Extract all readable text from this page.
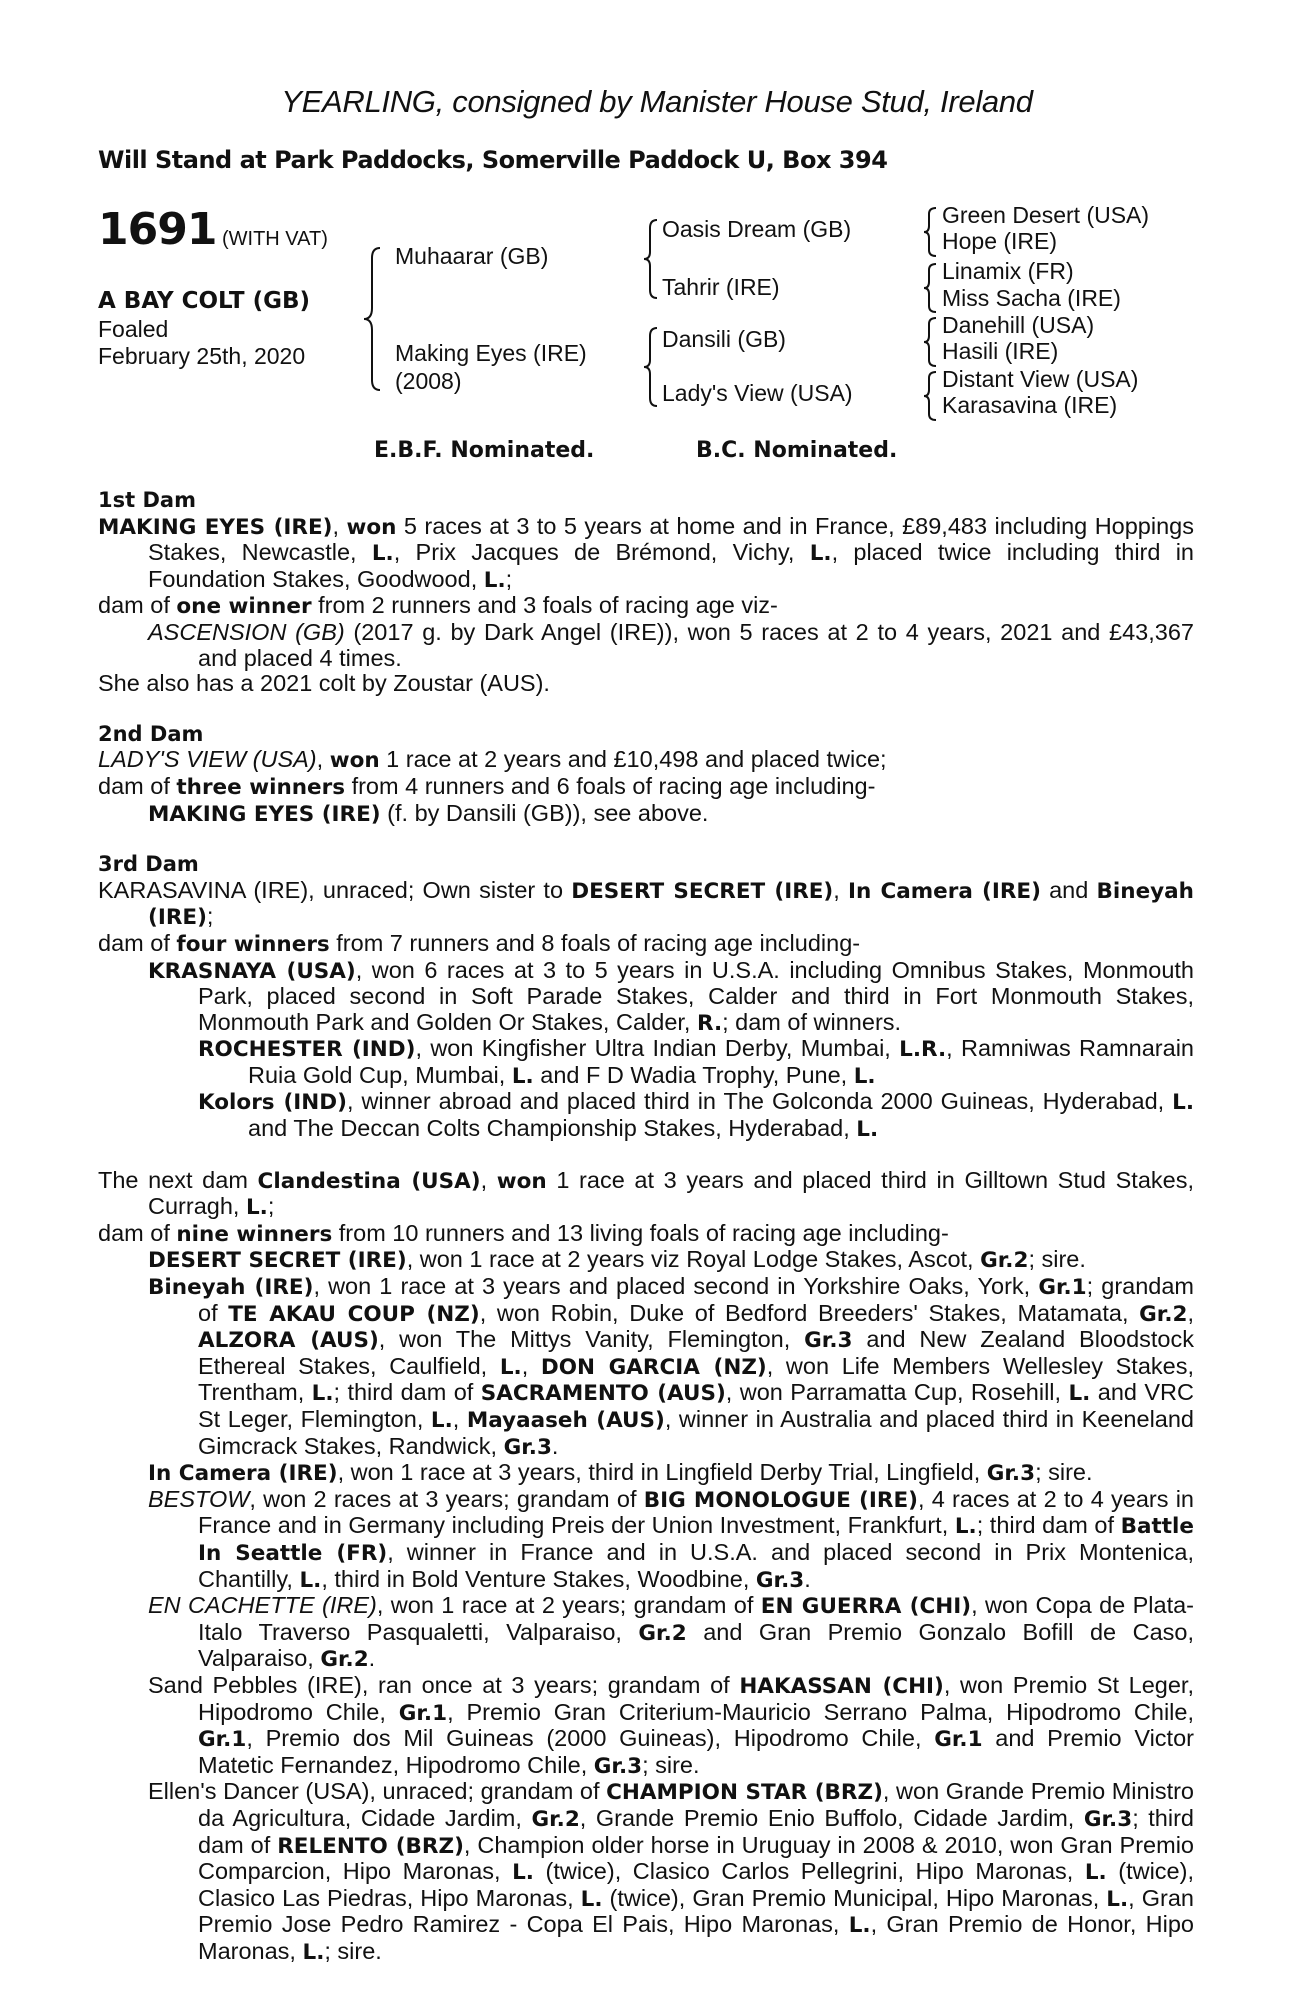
YEARLING, consigned by Manister House Stud, Ireland
Will Stand at Park Paddocks, Somerville Paddock U, Box 394
1691 (WITH VAT)
A BAY COLT (GB)
Foaled
February 25th, 2020
Muhaarar (GB)
Making Eyes (IRE)
(2008)
Oasis Dream (GB)
Tahrir (IRE)
Dansili (GB)
Lady's View (USA)
Green Desert (USA)
Hope (IRE)
Linamix (FR)
Miss Sacha (IRE)
Danehill (USA)
Hasili (IRE)
Distant View (USA)
Karasavina (IRE)
E.B.F. Nominated.	B.C. Nominated.
1st Dam
MAKING EYES (IRE), won 5 races at 3 to 5 years at home and in France, £89,483 including Hoppings Stakes, Newcastle, L., Prix Jacques de Brémond, Vichy, L., placed twice including third in Foundation Stakes, Goodwood, L.;
dam of one winner from 2 runners and 3 foals of racing age viz-
ASCENSION (GB) (2017 g. by Dark Angel (IRE)), won 5 races at 2 to 4 years, 2021 and £43,367 and placed 4 times.
She also has a 2021 colt by Zoustar (AUS).
2nd Dam
LADY'S VIEW (USA), won 1 race at 2 years and £10,498 and placed twice;
dam of three winners from 4 runners and 6 foals of racing age including-
MAKING EYES (IRE) (f. by Dansili (GB)), see above.
3rd Dam
KARASAVINA (IRE), unraced; Own sister to DESERT SECRET (IRE), In Camera (IRE) and Bineyah (IRE);
dam of four winners from 7 runners and 8 foals of racing age including-
KRASNAYA (USA), won 6 races at 3 to 5 years in U.S.A. including Omnibus Stakes, Monmouth Park, placed second in Soft Parade Stakes, Calder and third in Fort Monmouth Stakes, Monmouth Park and Golden Or Stakes, Calder, R.; dam of winners.
ROCHESTER (IND), won Kingfisher Ultra Indian Derby, Mumbai, L.R., Ramniwas Ramnarain Ruia Gold Cup, Mumbai, L. and F D Wadia Trophy, Pune, L.
Kolors (IND), winner abroad and placed third in The Golconda 2000 Guineas, Hyderabad, L. and The Deccan Colts Championship Stakes, Hyderabad, L.
The next dam Clandestina (USA), won 1 race at 3 years and placed third in Gilltown Stud Stakes, Curragh, L.;
dam of nine winners from 10 runners and 13 living foals of racing age including-
DESERT SECRET (IRE), won 1 race at 2 years viz Royal Lodge Stakes, Ascot, Gr.2; sire.
Bineyah (IRE), won 1 race at 3 years and placed second in Yorkshire Oaks, York, Gr.1; grandam of TE AKAU COUP (NZ), won Robin, Duke of Bedford Breeders' Stakes, Matamata, Gr.2, ALZORA (AUS), won The Mittys Vanity, Flemington, Gr.3 and New Zealand Bloodstock Ethereal Stakes, Caulfield, L., DON GARCIA (NZ), won Life Members Wellesley Stakes, Trentham, L.; third dam of SACRAMENTO (AUS), won Parramatta Cup, Rosehill, L. and VRC St Leger, Flemington, L., Mayaaseh (AUS), winner in Australia and placed third in Keeneland Gimcrack Stakes, Randwick, Gr.3.
In Camera (IRE), won 1 race at 3 years, third in Lingfield Derby Trial, Lingfield, Gr.3; sire.
BESTOW, won 2 races at 3 years; grandam of BIG MONOLOGUE (IRE), 4 races at 2 to 4 years in France and in Germany including Preis der Union Investment, Frankfurt, L.; third dam of Battle In Seattle (FR), winner in France and in U.S.A. and placed second in Prix Montenica, Chantilly, L., third in Bold Venture Stakes, Woodbine, Gr.3.
EN CACHETTE (IRE), won 1 race at 2 years; grandam of EN GUERRA (CHI), won Copa de Plata-Italo Traverso Pasqualetti, Valparaiso, Gr.2 and Gran Premio Gonzalo Bofill de Caso, Valparaiso, Gr.2.
Sand Pebbles (IRE), ran once at 3 years; grandam of HAKASSAN (CHI), won Premio St Leger, Hipodromo Chile, Gr.1, Premio Gran Criterium-Mauricio Serrano Palma, Hipodromo Chile, Gr.1, Premio dos Mil Guineas (2000 Guineas), Hipodromo Chile, Gr.1 and Premio Victor Matetic Fernandez, Hipodromo Chile, Gr.3; sire.
Ellen's Dancer (USA), unraced; grandam of CHAMPION STAR (BRZ), won Grande Premio Ministro da Agricultura, Cidade Jardim, Gr.2, Grande Premio Enio Buffolo, Cidade Jardim, Gr.3; third dam of RELENTO (BRZ), Champion older horse in Uruguay in 2008 & 2010, won Gran Premio Comparcion, Hipo Maronas, L. (twice), Clasico Carlos Pellegrini, Hipo Maronas, L. (twice), Clasico Las Piedras, Hipo Maronas, L. (twice), Gran Premio Municipal, Hipo Maronas, L., Gran Premio Jose Pedro Ramirez - Copa El Pais, Hipo Maronas, L., Gran Premio de Honor, Hipo Maronas, L.; sire.
